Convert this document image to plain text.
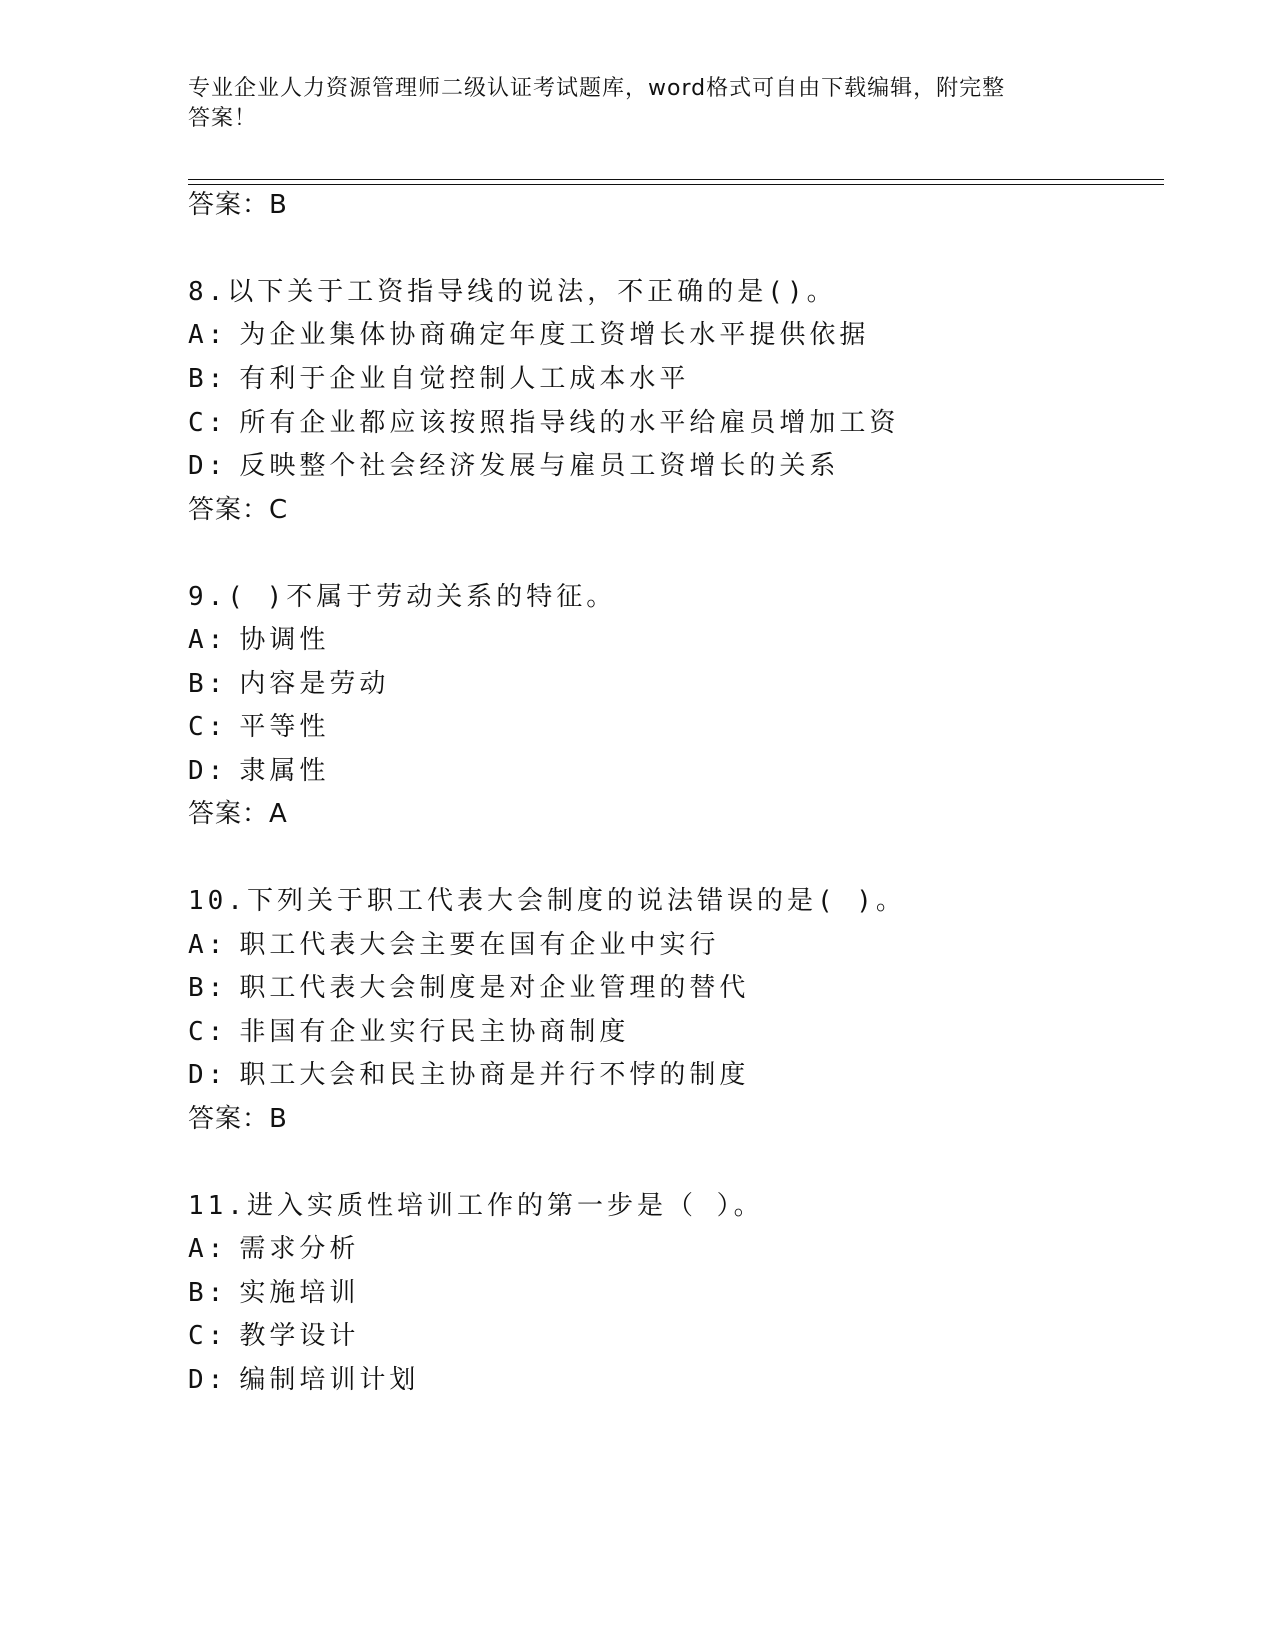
专业企业人力资源管理师二级认证考试题库，word格式可自由下载编辑，附完整
答案！
答案：B
8.以下关于工资指导线的说法，不正确的是()。
A: 为企业集体协商确定年度工资增长水平提供依据
B: 有利于企业自觉控制人工成本水平
C: 所有企业都应该按照指导线的水平给雇员增加工资
D: 反映整个社会经济发展与雇员工资增长的关系
答案：C
9.( )不属于劳动关系的特征。
A: 协调性
B: 内容是劳动
C: 平等性
D: 隶属性
答案：A
10.下列关于职工代表大会制度的说法错误的是( )。
A: 职工代表大会主要在国有企业中实行
B: 职工代表大会制度是对企业管理的替代
C: 非国有企业实行民主协商制度
D: 职工大会和民主协商是并行不悖的制度
答案：B
11.进入实质性培训工作的第一步是（ ）。
A: 需求分析
B: 实施培训
C: 教学设计
D: 编制培训计划
